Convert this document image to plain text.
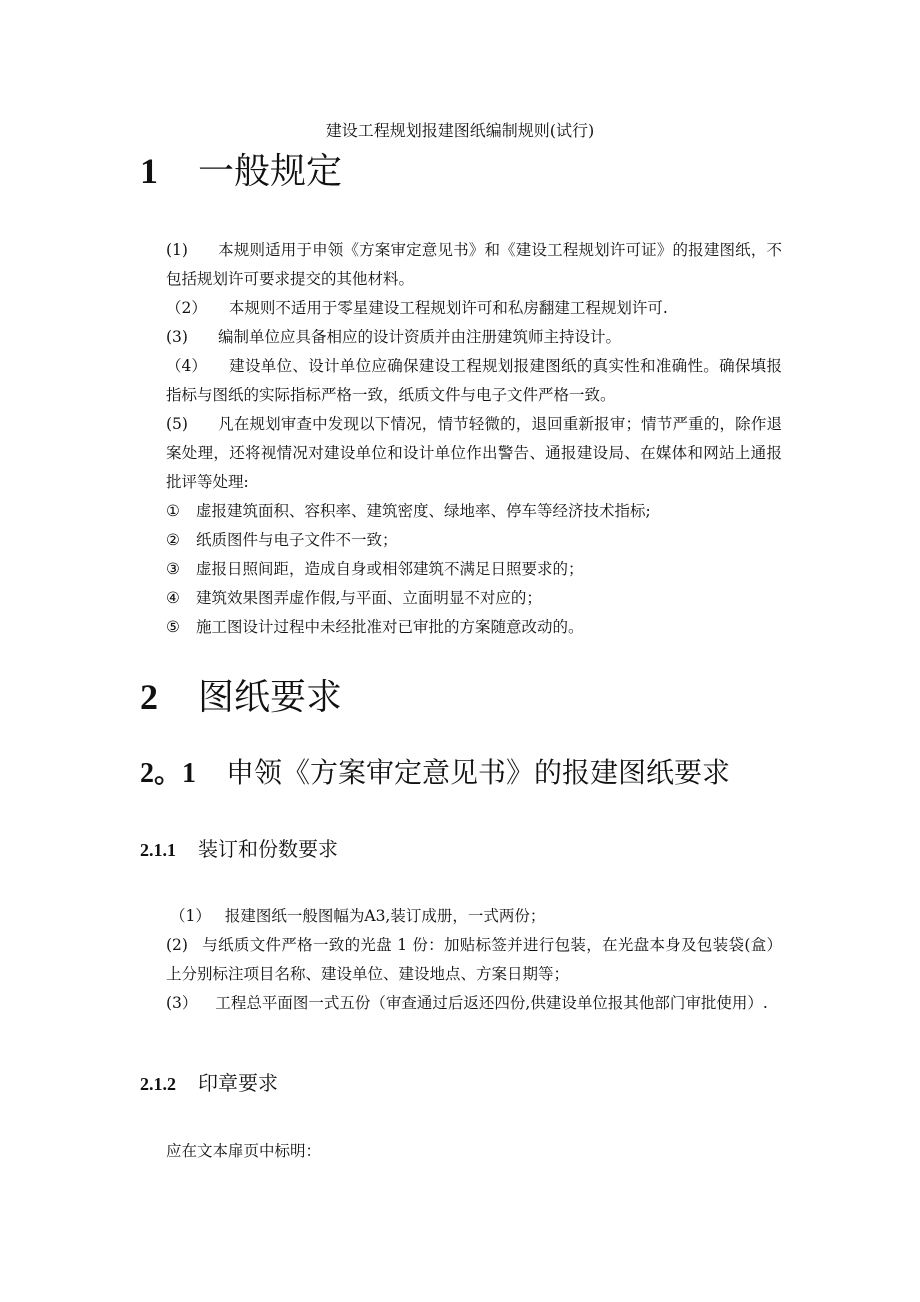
建设工程规划报建图纸编制规则(试行)
1 一般规定
(1) 本规则适用于申领《方案审定意见书》和《建设工程规划许可证》的报建图纸，不包括规划许可要求提交的其他材料。
（2） 本规则不适用于零星建设工程规划许可和私房翻建工程规划许可.
(3) 编制单位应具备相应的设计资质并由注册建筑师主持设计。
（4） 建设单位、设计单位应确保建设工程规划报建图纸的真实性和准确性。确保填报指标与图纸的实际指标严格一致，纸质文件与电子文件严格一致。
(5) 凡在规划审查中发现以下情况，情节轻微的，退回重新报审；情节严重的，除作退案处理，还将视情况对建设单位和设计单位作出警告、通报建设局、在媒体和网站上通报批评等处理:
① 虚报建筑面积、容积率、建筑密度、绿地率、停车等经济技术指标;
② 纸质图件与电子文件不一致；
③ 虚报日照间距，造成自身或相邻建筑不满足日照要求的；
④ 建筑效果图弄虚作假,与平面、立面明显不对应的；
⑤ 施工图设计过程中未经批准对已审批的方案随意改动的。
2 图纸要求
2。1 申领《方案审定意见书》的报建图纸要求
2.1.1 装订和份数要求
（1） 报建图纸一般图幅为A3,装订成册，一式两份；
(2) 与纸质文件严格一致的光盘 1 份：加贴标签并进行包装，在光盘本身及包装袋(盒）上分别标注项目名称、建设单位、建设地点、方案日期等；
(3） 工程总平面图一式五份（审查通过后返还四份,供建设单位报其他部门审批使用）.
2.1.2 印章要求
应在文本扉页中标明：
